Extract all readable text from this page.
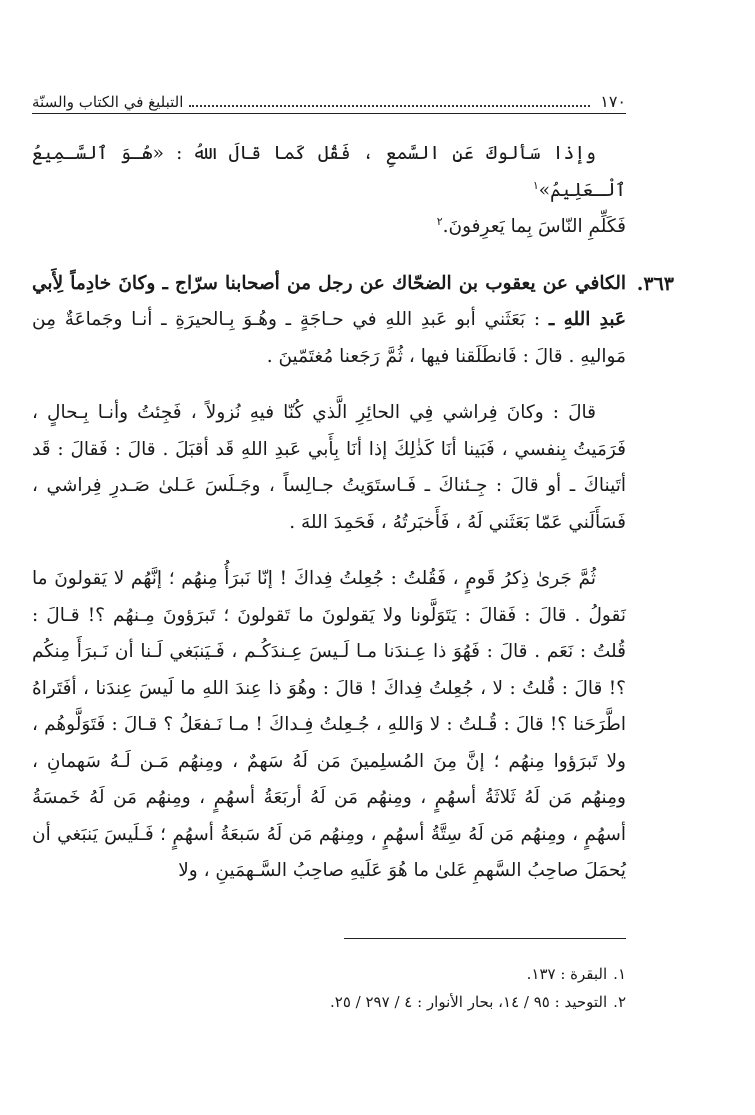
١٧٠
التبليغ في الكتاب والسنّة

وإذا سَألوكَ عَنِ السَّمعِ ، فَقُل كَما قالَ اللهُ : «هُـوَ ٱلسَّـمِيعُ ٱلْـعَلِيمُ»$^١$
فَكَلِّمِ النّاسَ بِما يَعرِفونَ.$^٢$

٣٦٣.
الكافي عن يعقوب بن الضحّاك عن رجل من أصحابنا سرّاج ـ وكانَ خادِماً لِأَبي عَبدِ اللهِ ـ : بَعَثَني أبو عَبدِ اللهِ في حـاجَةٍ ـ وهُـوَ بِـالحيرَةِ ـ أنـا وجَماعَةٌ مِن مَواليهِ . قالَ : فَانطَلَقنا فيها ، ثُمَّ رَجَعنا مُغتَمّينَ .

قالَ : وكانَ فِراشي فِي الحائِرِ الَّذي كُنّا فيهِ نُزولاً ، فَجِئتُ وأنـا بِـحالٍ ، فَرَمَيتُ بِنفسي ، فَبَينا أنَا كَذٰلِكَ إذا أنَا بِأَبي عَبدِ اللهِ قَد أقبَلَ . قالَ : فَقالَ : قَد أتَيناكَ ـ أو قالَ : جِـئناكَ ـ فَـاستَوَيتُ جـالِساً ، وجَـلَسَ عَـلىٰ صَـدرِ فِراشي ، فَسَأَلَني عَمّا بَعَثَني لَهُ ، فَأَخبَرتُهُ ، فَحَمِدَ اللهَ .

ثُمَّ جَرىٰ ذِكرُ قَومٍ ، فَقُلتُ : جُعِلتُ فِداكَ ! إنّا نَبرَأُ مِنهُم ؛ إنَّهُم لا يَقولونَ ما نَقولُ . قالَ : فَقالَ : يَتَوَلَّونا ولا يَقولونَ ما تَقولونَ ؛ تَبرَؤونَ مِـنهُم ؟! قـالَ : قُلتُ : نَعَم . قالَ : فَهُوَ ذا عِـندَنا مـا لَـيسَ عِـندَكُـم ، فَـيَنبَغي لَـنا أن نَـبرَأَ مِنكُم ؟! قالَ : قُلتُ : لا ، جُعِلتُ فِداكَ ! قالَ : وهُوَ ذا عِندَ اللهِ ما لَيسَ عِندَنا ، أفَتَراهُ اطَّرَحَنا ؟! قالَ : قُـلتُ : لا وَاللهِ ، جُـعِلتُ فِـداكَ ! مـا نَـفعَلُ ؟ قـالَ : فَتَوَلَّوهُم ، ولا تَبرَؤوا مِنهُم ؛ إنَّ مِنَ المُسلِمينَ مَن لَهُ سَهمٌ ، ومِنهُم مَـن لَـهُ سَهمانِ ، ومِنهُم مَن لَهُ ثَلاثَةُ أسهُمٍ ، ومِنهُم مَن لَهُ أربَعَةُ أسهُمٍ ، ومِنهُم مَن لَهُ خَمسَةُ أسهُمٍ ، ومِنهُم مَن لَهُ سِتَّةُ أسهُمٍ ، ومِنهُم مَن لَهُ سَبعَةُ أسهُمٍ ؛ فَـلَيسَ يَنبَغي أن يُحمَلَ صاحِبُ السَّهمِ عَلىٰ ما هُوَ عَلَيهِ صاحِبُ السَّـهمَينِ ، ولا

١.
البقرة : ١٣٧.
٢.
التوحيد : ٩٥ / ١٤، بحار الأنوار : ٤ / ٢٩٧ / ٢٥.
